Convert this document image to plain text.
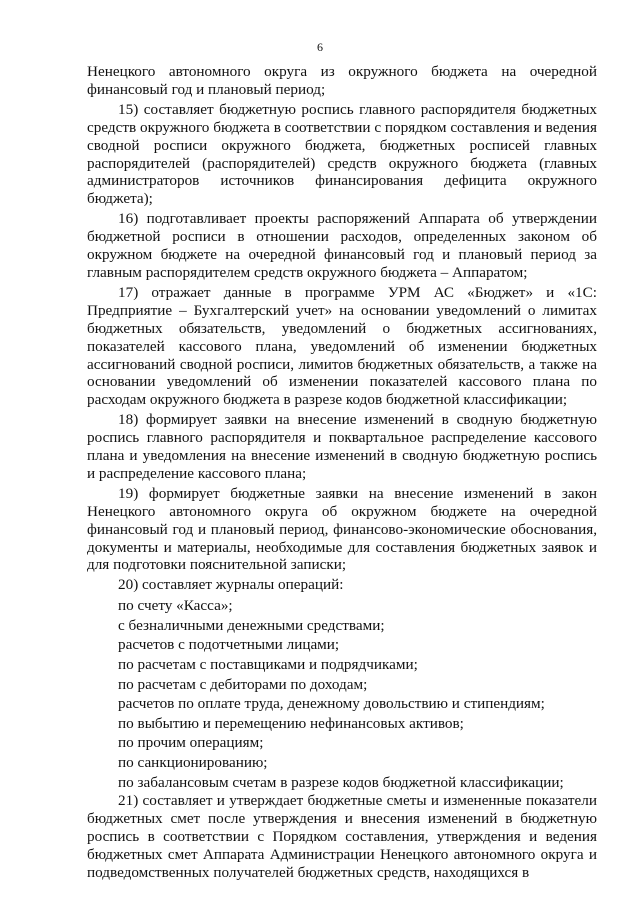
6

Ненецкого автономного округа из окружного бюджета на очередной финансовый год и плановый период;

15) составляет бюджетную роспись главного распорядителя бюджетных средств окружного бюджета в соответствии с порядком составления и ведения сводной росписи окружного бюджета, бюджетных росписей главных распорядителей (распорядителей) средств окружного бюджета (главных администраторов источников финансирования дефицита окружного бюджета);

16) подготавливает проекты распоряжений Аппарата об утверждении бюджетной росписи в отношении расходов, определенных законом об окружном бюджете на очередной финансовый год и плановый период за главным распорядителем средств окружного бюджета – Аппаратом;

17) отражает данные в программе УРМ АС «Бюджет» и «1С: Предприятие – Бухгалтерский учет» на основании уведомлений о лимитах бюджетных обязательств, уведомлений о бюджетных ассигнованиях, показателей кассового плана, уведомлений об изменении бюджетных ассигнований сводной росписи, лимитов бюджетных обязательств, а также на основании уведомлений об изменении показателей кассового плана по расходам окружного бюджета в разрезе кодов бюджетной классификации;

18) формирует заявки на внесение изменений в сводную бюджетную роспись главного распорядителя и поквартальное распределение кассового плана и уведомления на внесение изменений в сводную бюджетную роспись и распределение кассового плана;

19) формирует бюджетные заявки на внесение изменений в закон Ненецкого автономного округа об окружном бюджете на очередной финансовый год и плановый период, финансово-экономические обоснования, документы и материалы, необходимые для составления бюджетных заявок и для подготовки пояснительной записки;

20) составляет журналы операций:

по счету «Касса»;
с безналичными денежными средствами;
расчетов с подотчетными лицами;
по расчетам с поставщиками и подрядчиками;
по расчетам с дебиторами по доходам;
расчетов по оплате труда, денежному довольствию и стипендиям;
по выбытию и перемещению нефинансовых активов;
по прочим операциям;
по санкционированию;
по забалансовым счетам в разрезе кодов бюджетной классификации;

21) составляет и утверждает бюджетные сметы и измененные показатели бюджетных смет после утверждения и внесения изменений в бюджетную роспись в соответствии с Порядком составления, утверждения и ведения бюджетных смет Аппарата Администрации Ненецкого автономного округа и подведомственных получателей бюджетных средств, находящихся в
